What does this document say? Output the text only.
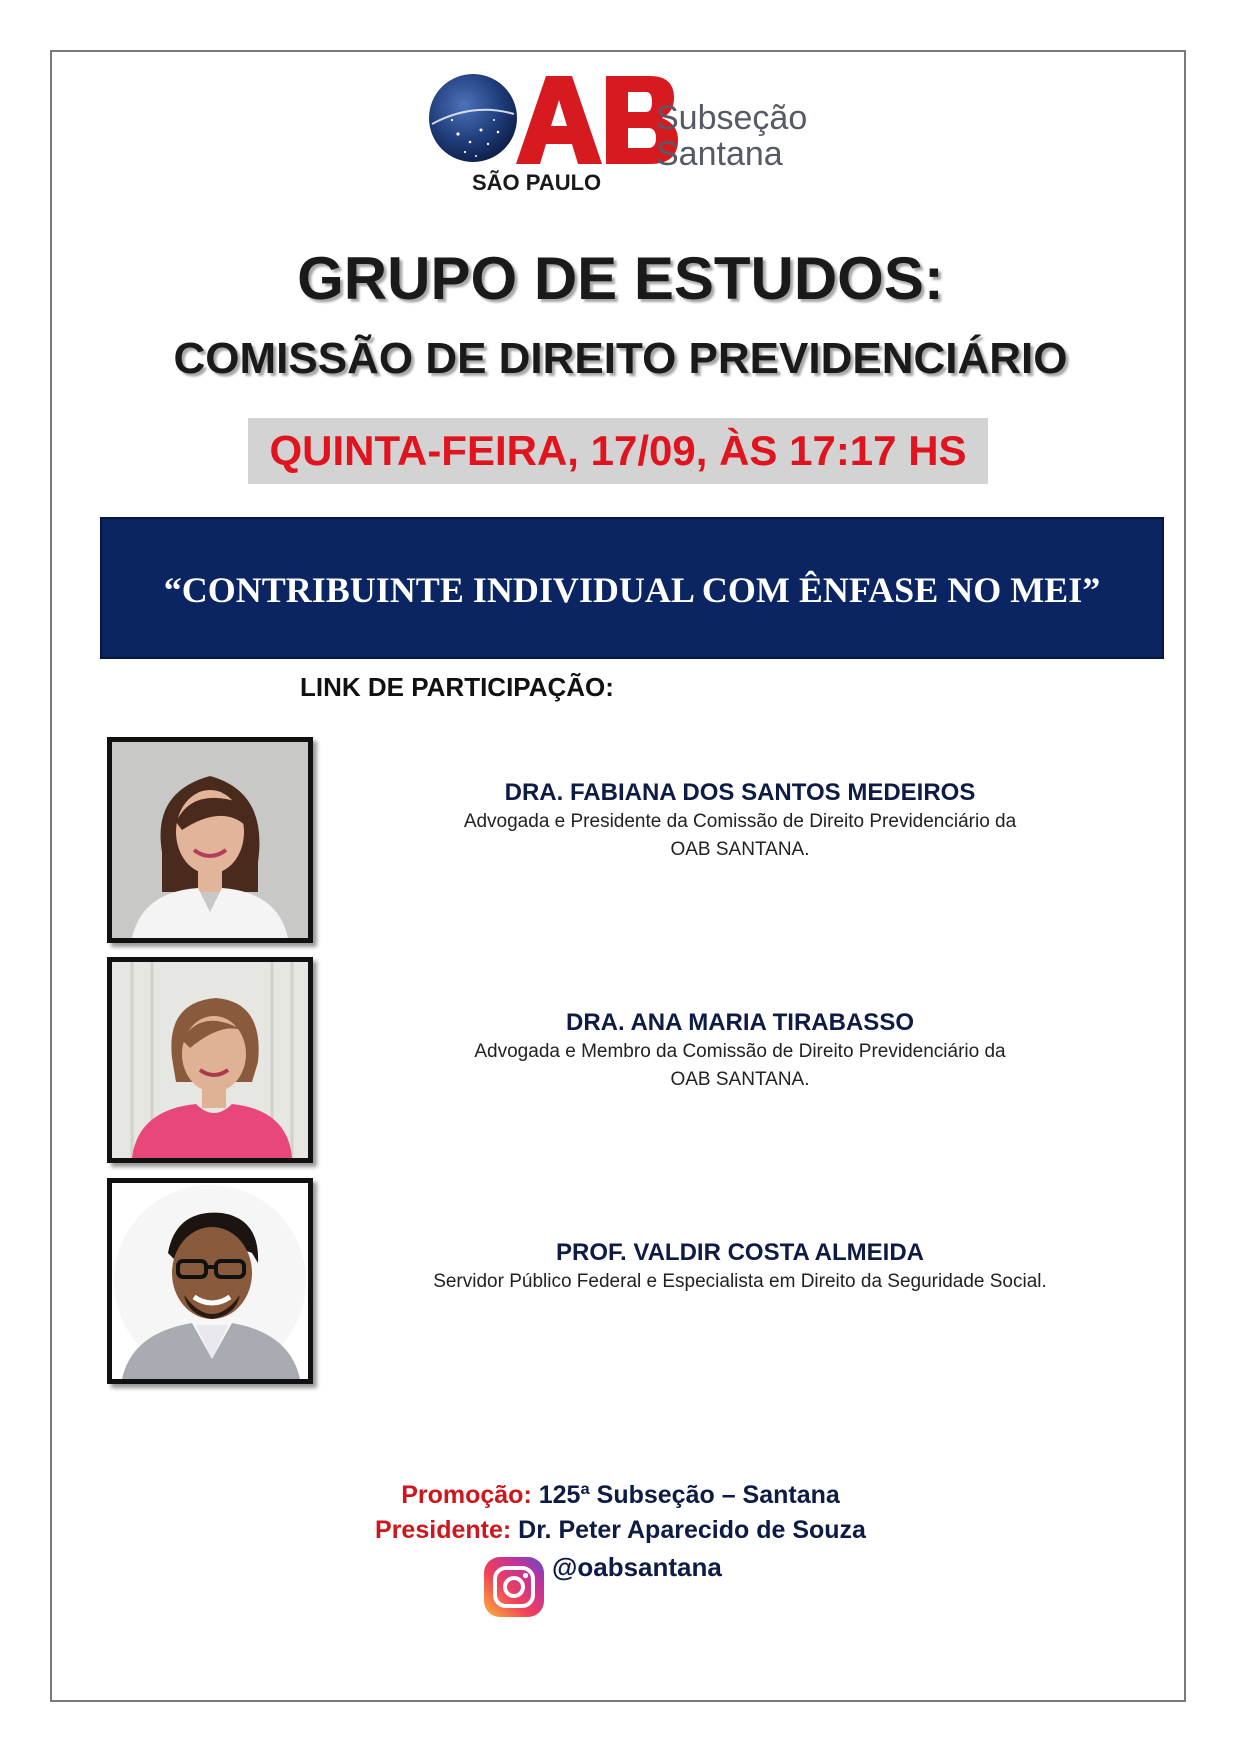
SÃO PAULO
Subseção
Santana
GRUPO DE ESTUDOS:
COMISSÃO DE DIREITO PREVIDENCIÁRIO
QUINTA-FEIRA, 17/09, ÀS 17:17 HS
“CONTRIBUINTE INDIVIDUAL COM ÊNFASE NO MEI”
LINK DE PARTICIPAÇÃO:
DRA. FABIANA DOS SANTOS MEDEIROS
Advogada e Presidente da Comissão de Direito Previdenciário da
OAB SANTANA.
DRA. ANA MARIA TIRABASSO
Advogada e Membro da Comissão de Direito Previdenciário da
OAB SANTANA.
PROF. VALDIR COSTA ALMEIDA
Servidor Público Federal e Especialista em Direito da Seguridade Social.
Promoção: 125ª Subseção – Santana
Presidente: Dr. Peter Aparecido de Souza
@oabsantana
